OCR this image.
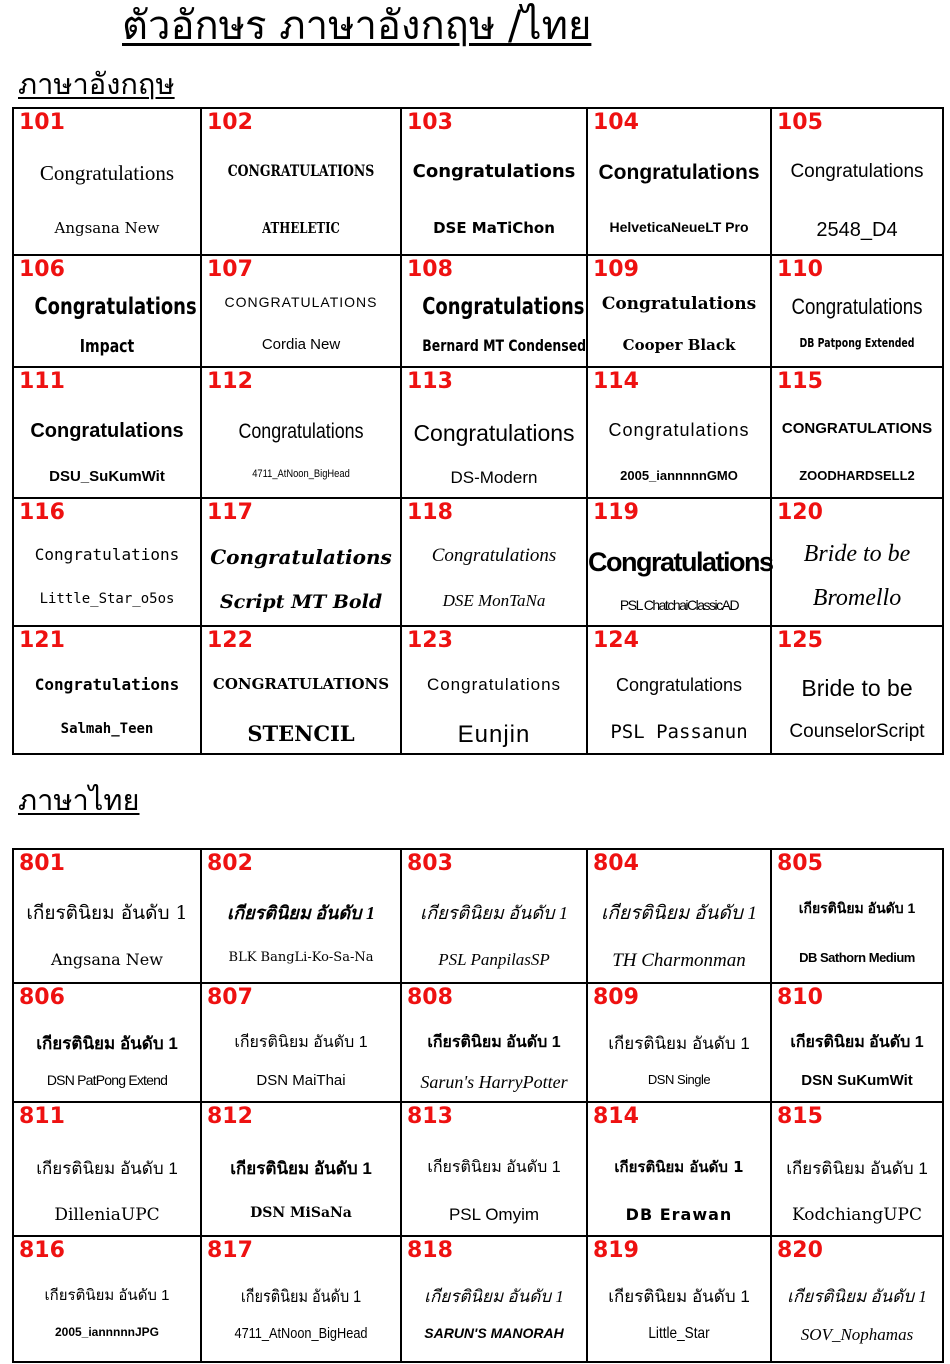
ตัวอักษร ภาษาอังกฤษ /ไทย
ภาษาอังกฤษ
101
Congratulations
Angsana New	102
CONGRATULATIONS
ATHELETIC	103
Congratulations
DSE MaTiChon	104
Congratulations
HelveticaNeueLT Pro	105
Congratulations
2548_D4

106
Congratulations
Impact	107
CONGRATULATIONS
Cordia New	108
Congratulations
Bernard MT Condensed	109
Congratulations
Cooper Black	110
Congratulations
DB Patpong Extended

111
Congratulations
DSU_SuKumWit	112
Congratulations
4711_AtNoon_BigHead	113
Congratulations
DS-Modern	114
Congratulations
2005_iannnnnGMO	115
CONGRATULATIONS
ZOODHARDSELL2

116
Congratulations
Little_Star_o5os	117
Congratulations
Script MT Bold	118
Congratulations
DSE MonTaNa	119
Congratulations
PSL ChatchaiClassicAD	120
Bride to be
Bromello

121
Congratulations
Salmah_Teen	122
CONGRATULATIONS
STENCIL	123
Congratulations
Eunjin	124
Congratulations
PSL Passanun	125
Bride to be
CounselorScript
ภาษาไทย
801
เกียรตินิยม อันดับ 1
Angsana New	802
เกียรตินิยม อันดับ 1
BLK BangLi-Ko-Sa-Na	803
เกียรตินิยม อันดับ 1
PSL PanpilasSP	804
เกียรตินิยม อันดับ 1
TH Charmonman	805
เกียรตินิยม อันดับ 1
DB Sathorn Medium

806
เกียรตินิยม อันดับ 1
DSN PatPong Extend	807
เกียรตินิยม อันดับ 1
DSN MaiThai	808
เกียรตินิยม อันดับ 1
Sarun's HarryPotter	809
เกียรตินิยม อันดับ 1
DSN Single	810
เกียรตินิยม อันดับ 1
DSN SuKumWit

811
เกียรตินิยม อันดับ 1
DilleniaUPC	812
เกียรตินิยม อันดับ 1
DSN MiSaNa	813
เกียรตินิยม อันดับ 1
PSL Omyim	814
เกียรตินิยม อันดับ 1
DB Erawan	815
เกียรตินิยม อันดับ 1
KodchiangUPC

816
เกียรตินิยม อันดับ 1
2005_iannnnnJPG	817
เกียรตินิยม อันดับ 1
4711_AtNoon_BigHead	818
เกียรตินิยม อันดับ 1
SARUN'S MANORAH	819
เกียรตินิยม อันดับ 1
Little_Star	820
เกียรตินิยม อันดับ 1
SOV_Nophamas
